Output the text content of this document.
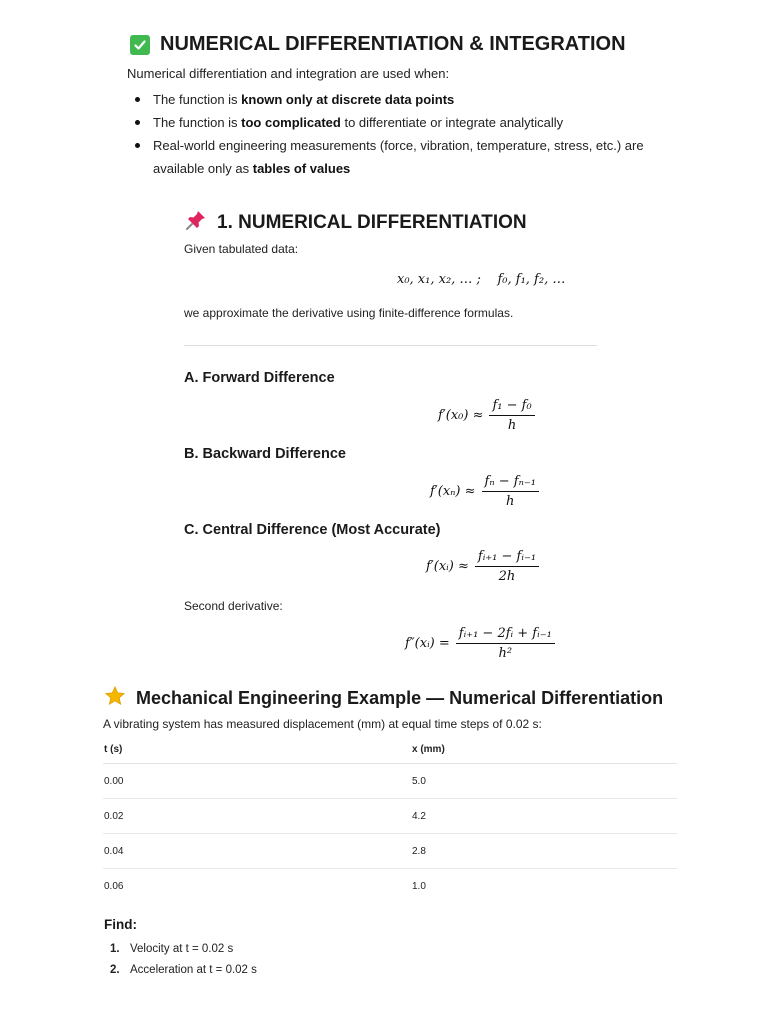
NUMERICAL DIFFERENTIATION & INTEGRATION
Numerical differentiation and integration are used when:
The function is known only at discrete data points
The function is too complicated to differentiate or integrate analytically
Real-world engineering measurements (force, vibration, temperature, stress, etc.) are available only as tables of values
1. NUMERICAL DIFFERENTIATION
Given tabulated data:
x₀, x₁, x₂, … ;    f₀, f₁, f₂, …
we approximate the derivative using finite-difference formulas.
A. Forward Difference
$f'(x_0) \approx \frac{\text{f₁ − f₀}}{h}$
B. Backward Difference
$f'(x_n) \approx \frac{\text{fₙ − fₙ₋₁}}{h}$
C. Central Difference (Most Accurate)
f′(xᵢ) ≈ $\frac{\text{fᵢ₊₁ − fᵢ₋₁}}{2h}$
Second derivative:
f″(xᵢ) = $\frac{\text{fᵢ₊₁ − 2fᵢ + fᵢ₋₁}}{\text{h²}}$
Mechanical Engineering Example — Numerical Differentiation
A vibrating system has measured displacement (mm) at equal time steps of 0.02 s:
t (s)	x (mm)
0.00	5.0
0.02	4.2
0.04	2.8
0.06	1.0
Find:
1. Velocity at t = 0.02 s
2. Acceleration at t = 0.02 s
